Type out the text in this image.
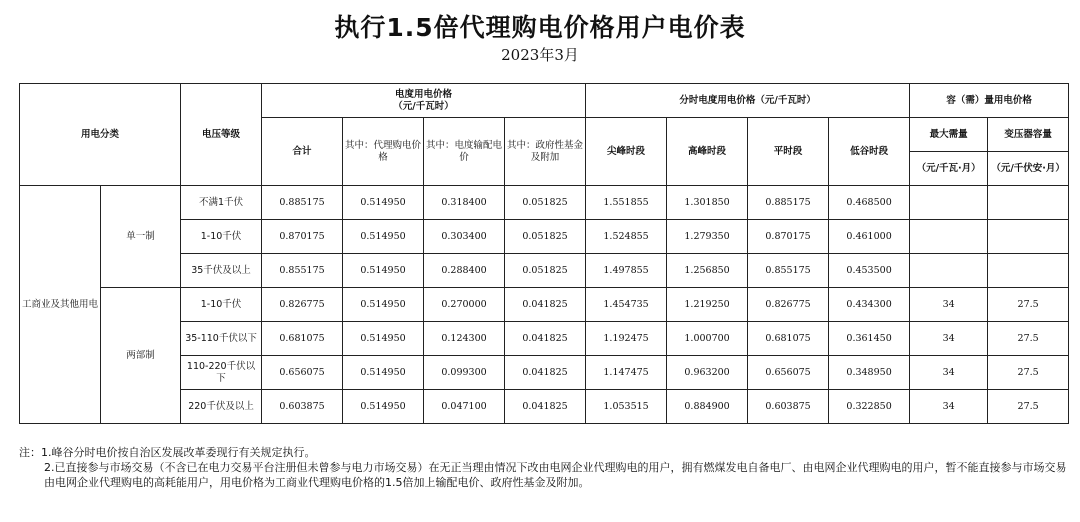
执行1.5倍代理购电价格用户电价表
2023年3月
用电分类		电压等级	电度用电价格
（元/千瓦时）				分时电度用电价格（元/千瓦时）				容（需）量用电价格	
			合计	其中：代理购电价格	其中：电度输配电价	其中：政府性基金及附加	尖峰时段	高峰时段	平时段	低谷时段	最大需量	变压器容量
											（元/千瓦·月）	（元/千伏安·月）
工商业及其他用电	单一制	不满1千伏	0.885175	0.514950	0.318400	0.051825	1.551855	1.301850	0.885175	0.468500		
		1-10千伏	0.870175	0.514950	0.303400	0.051825	1.524855	1.279350	0.870175	0.461000		
		35千伏及以上	0.855175	0.514950	0.288400	0.051825	1.497855	1.256850	0.855175	0.453500		
	两部制	1-10千伏	0.826775	0.514950	0.270000	0.041825	1.454735	1.219250	0.826775	0.434300	34	27.5
		35-110千伏以下	0.681075	0.514950	0.124300	0.041825	1.192475	1.000700	0.681075	0.361450	34	27.5
		110-220千伏以下	0.656075	0.514950	0.099300	0.041825	1.147475	0.963200	0.656075	0.348950	34	27.5
		220千伏及以上	0.603875	0.514950	0.047100	0.041825	1.053515	0.884900	0.603875	0.322850	34	27.5
注：1.峰谷分时电价按自治区发展改革委现行有关规定执行。
2.已直接参与市场交易（不含已在电力交易平台注册但未曾参与电力市场交易）在无正当理由情况下改由电网企业代理购电的用户，拥有燃煤发电自备电厂、由电网企业代理购电的用户，暂不能直接参与市场交易由电网企业代理购电的高耗能用户，用电价格为工商业代理购电价格的1.5倍加上输配电价、政府性基金及附加。
